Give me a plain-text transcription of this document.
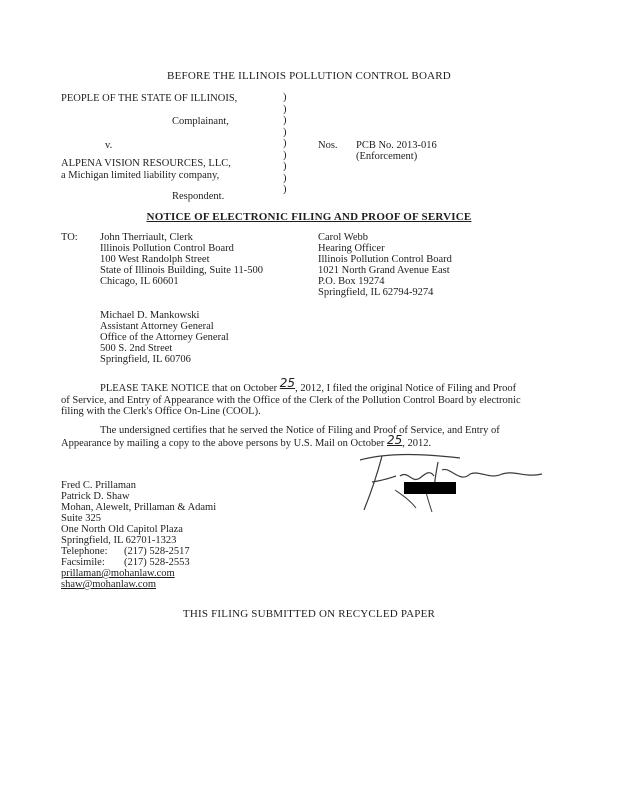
BEFORE THE ILLINOIS POLLUTION CONTROL BOARD
PEOPLE OF THE STATE OF ILLINOIS,
Complainant,
v.
ALPENA VISION RESOURCES, LLC,
a Michigan limited liability company,
Respondent.
)
)
)
)
)
)
)
)
)
Nos. PCB No. 2013-016
(Enforcement)
NOTICE OF ELECTRONIC FILING AND PROOF OF SERVICE
TO: John Therriault, Clerk
Illinois Pollution Control Board
100 West Randolph Street
State of Illinois Building, Suite 11-500
Chicago, IL 60601
Carol Webb
Hearing Officer
Illinois Pollution Control Board
1021 North Grand Avenue East
P.O. Box 19274
Springfield, IL 62794-9274
Michael D. Mankowski
Assistant Attorney General
Office of the Attorney General
500 S. 2nd Street
Springfield, IL 60706
PLEASE TAKE NOTICE that on October 25, 2012, I filed the original Notice of Filing and Proof
of Service, and Entry of Appearance with the Office of the Clerk of the Pollution Control Board by electronic
filing with the Clerk's Office On-Line (COOL).
The undersigned certifies that he served the Notice of Filing and Proof of Service, and Entry of
Appearance by mailing a copy to the above persons by U.S. Mail on October 25, 2012.
Fred C. Prillaman
Patrick D. Shaw
Mohan, Alewelt, Prillaman & Adami
Suite 325
One North Old Capitol Plaza
Springfield, IL 62701-1323
Telephone: (217) 528-2517
Facsimile: (217) 528-2553
prillaman@mohanlaw.com
shaw@mohanlaw.com
THIS FILING SUBMITTED ON RECYCLED PAPER
